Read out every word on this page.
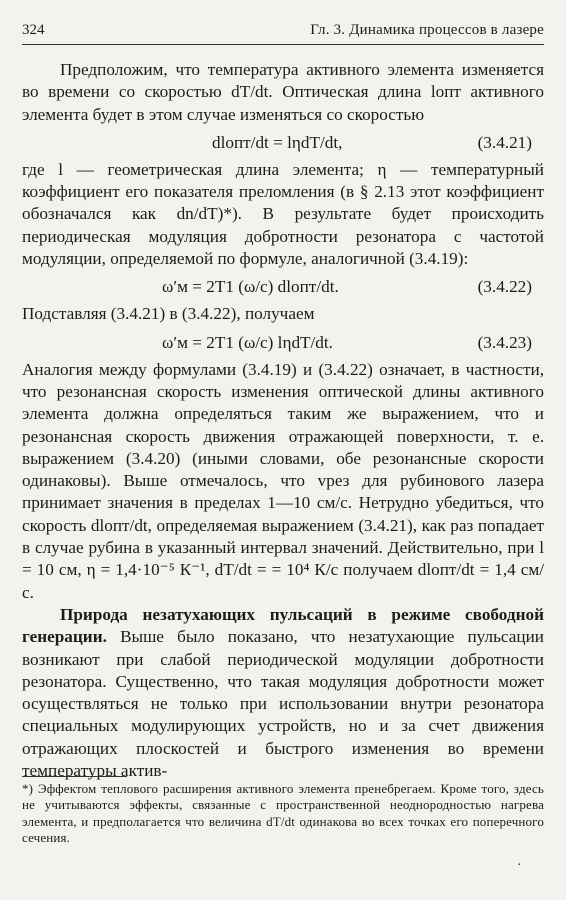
324	Гл. 3. Динамика процессов в лазере

Предположим, что температура активного элемента изменяется во времени со скоростью dT/dt. Оптическая длина lопт активного элемента будет в этом случае изменяться со скоростью

dlопт/dt = lηdT/dt,	(3.4.21)

где l — геометрическая длина элемента; η — температурный коэффициент его показателя преломления (в § 2.13 этот коэффициент обозначался как dn/dT)*). В результате будет происходить периодическая модуляция добротности резонатора с частотой модуляции, определяемой по формуле, аналогичной (3.4.19):

ω′м = 2T1 (ω/c) dlопт/dt.	(3.4.22)

Подставляя (3.4.21) в (3.4.22), получаем

ω′м = 2T1 (ω/c) lηdT/dt.	(3.4.23)

Аналогия между формулами (3.4.19) и (3.4.22) означает, в частности, что резонансная скорость изменения оптической длины активного элемента должна определяться таким же выражением, что и резонансная скорость движения отражающей поверхности, т. е. выражением (3.4.20) (иными словами, обе резонансные скорости одинаковы). Выше отмечалось, что vрез для рубинового лазера принимает значения в пределах 1—10 см/с. Нетрудно убедиться, что скорость dlопт/dt, определяемая выражением (3.4.21), как раз попадает в случае рубина в указанный интервал значений. Действительно, при l = 10 см, η = 1,4·10⁻⁵ К⁻¹, dT/dt = = 10⁴ К/с получаем dlопт/dt = 1,4 см/с.

Природа незатухающих пульсаций в режиме свободной генерации. Выше было показано, что незатухающие пульсации возникают при слабой периодической модуляции добротности резонатора. Существенно, что такая модуляция добротности может осуществляться не только при использовании внутри резонатора специальных модулирующих устройств, но и за счет движения отражающих плоскостей и быстрого изменения во времени температуры актив-

*) Эффектом теплового расширения активного элемента пренебрегаем. Кроме того, здесь не учитываются эффекты, связанные с пространственной неоднородностью нагрева элемента, и предполагается что величина dT/dt одинакова во всех точках его поперечного сечения.
·
